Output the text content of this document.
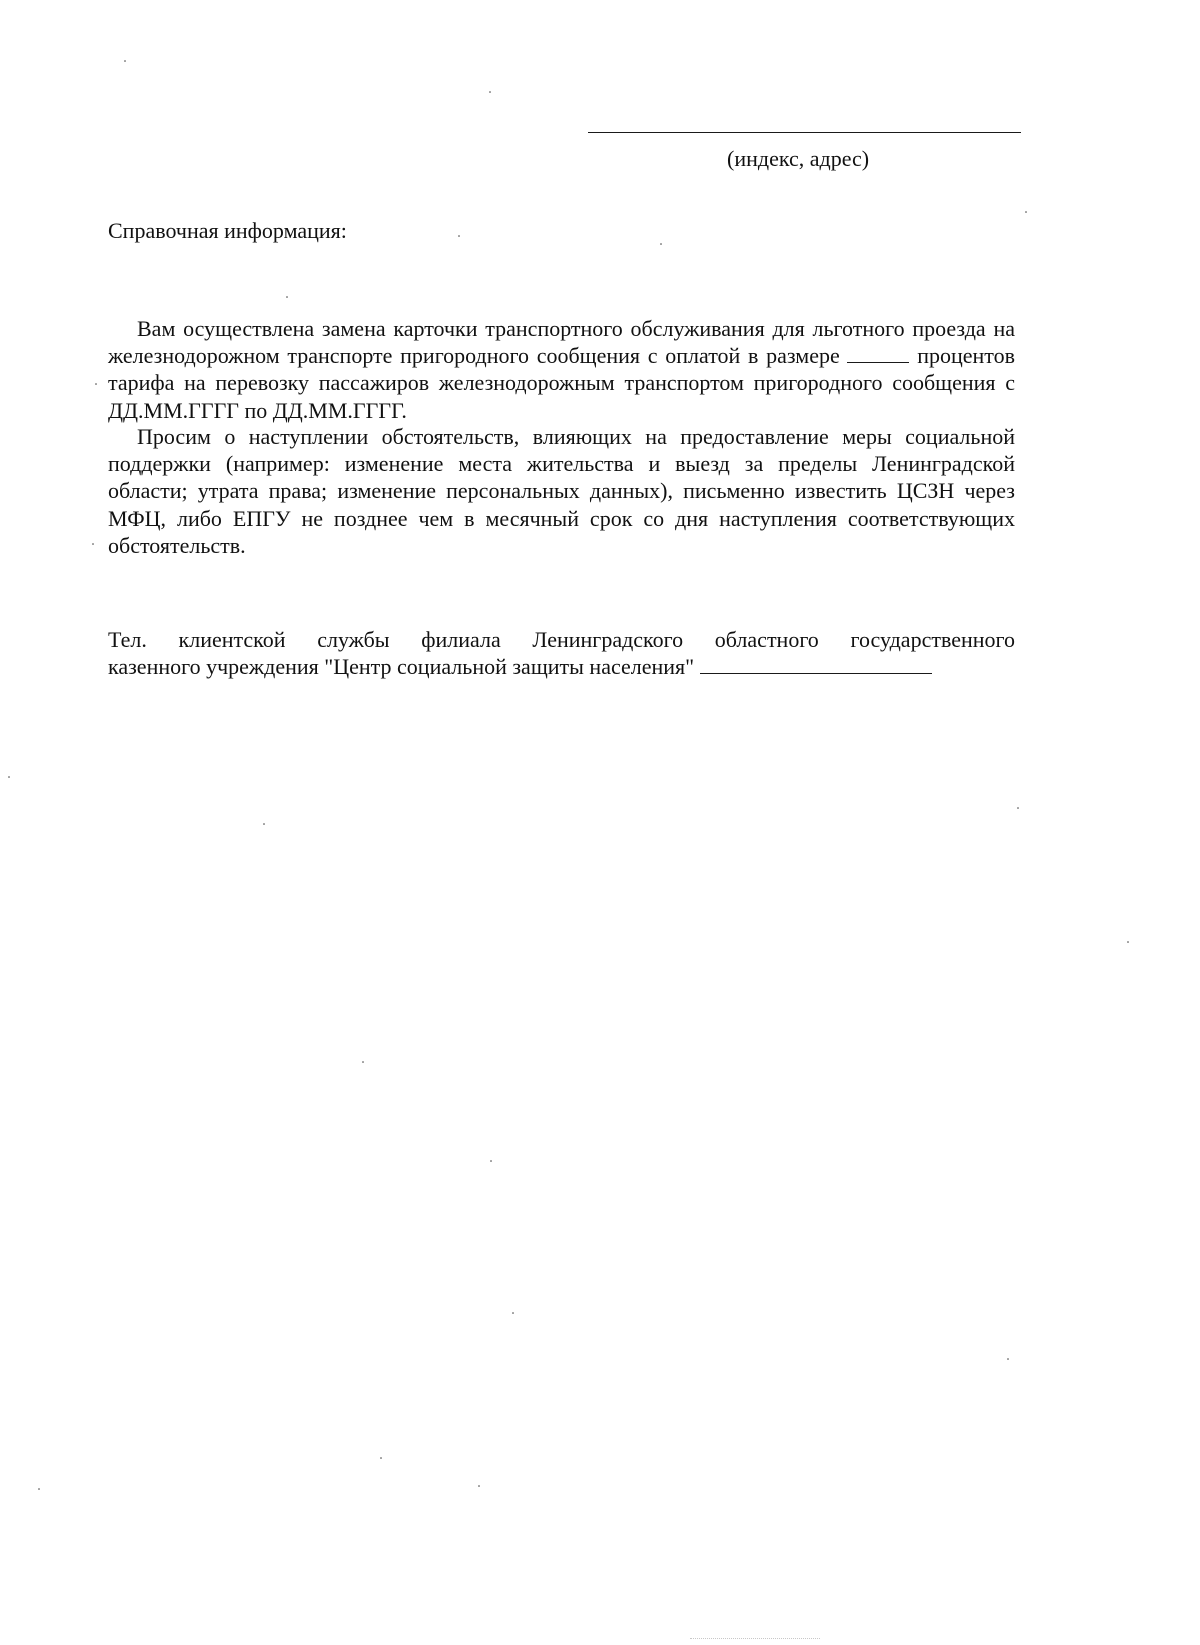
(индекс, адрес)
Справочная информация:

Вам осуществлена замена карточки транспортного обслуживания для льготного проезда на железнодорожном транспорте пригородного сообщения с оплатой в размере	процентов тарифа на перевозку пассажиров железнодорожным транспортом пригородного сообщения с ДД.ММ.ГГГГ по ДД.ММ.ГГГГ.

Просим о наступлении обстоятельств, влияющих на предоставление меры социальной поддержки (например: изменение места жительства и выезд за пределы Ленинградской области; утрата права; изменение персональных данных), письменно известить ЦСЗН через МФЦ, либо ЕПГУ не позднее чем в месячный срок со дня наступления соответствующих обстоятельств.

Тел. клиентской службы филиала Ленинградского областного государственного
казенного учреждения "Центр социальной защиты населения"
